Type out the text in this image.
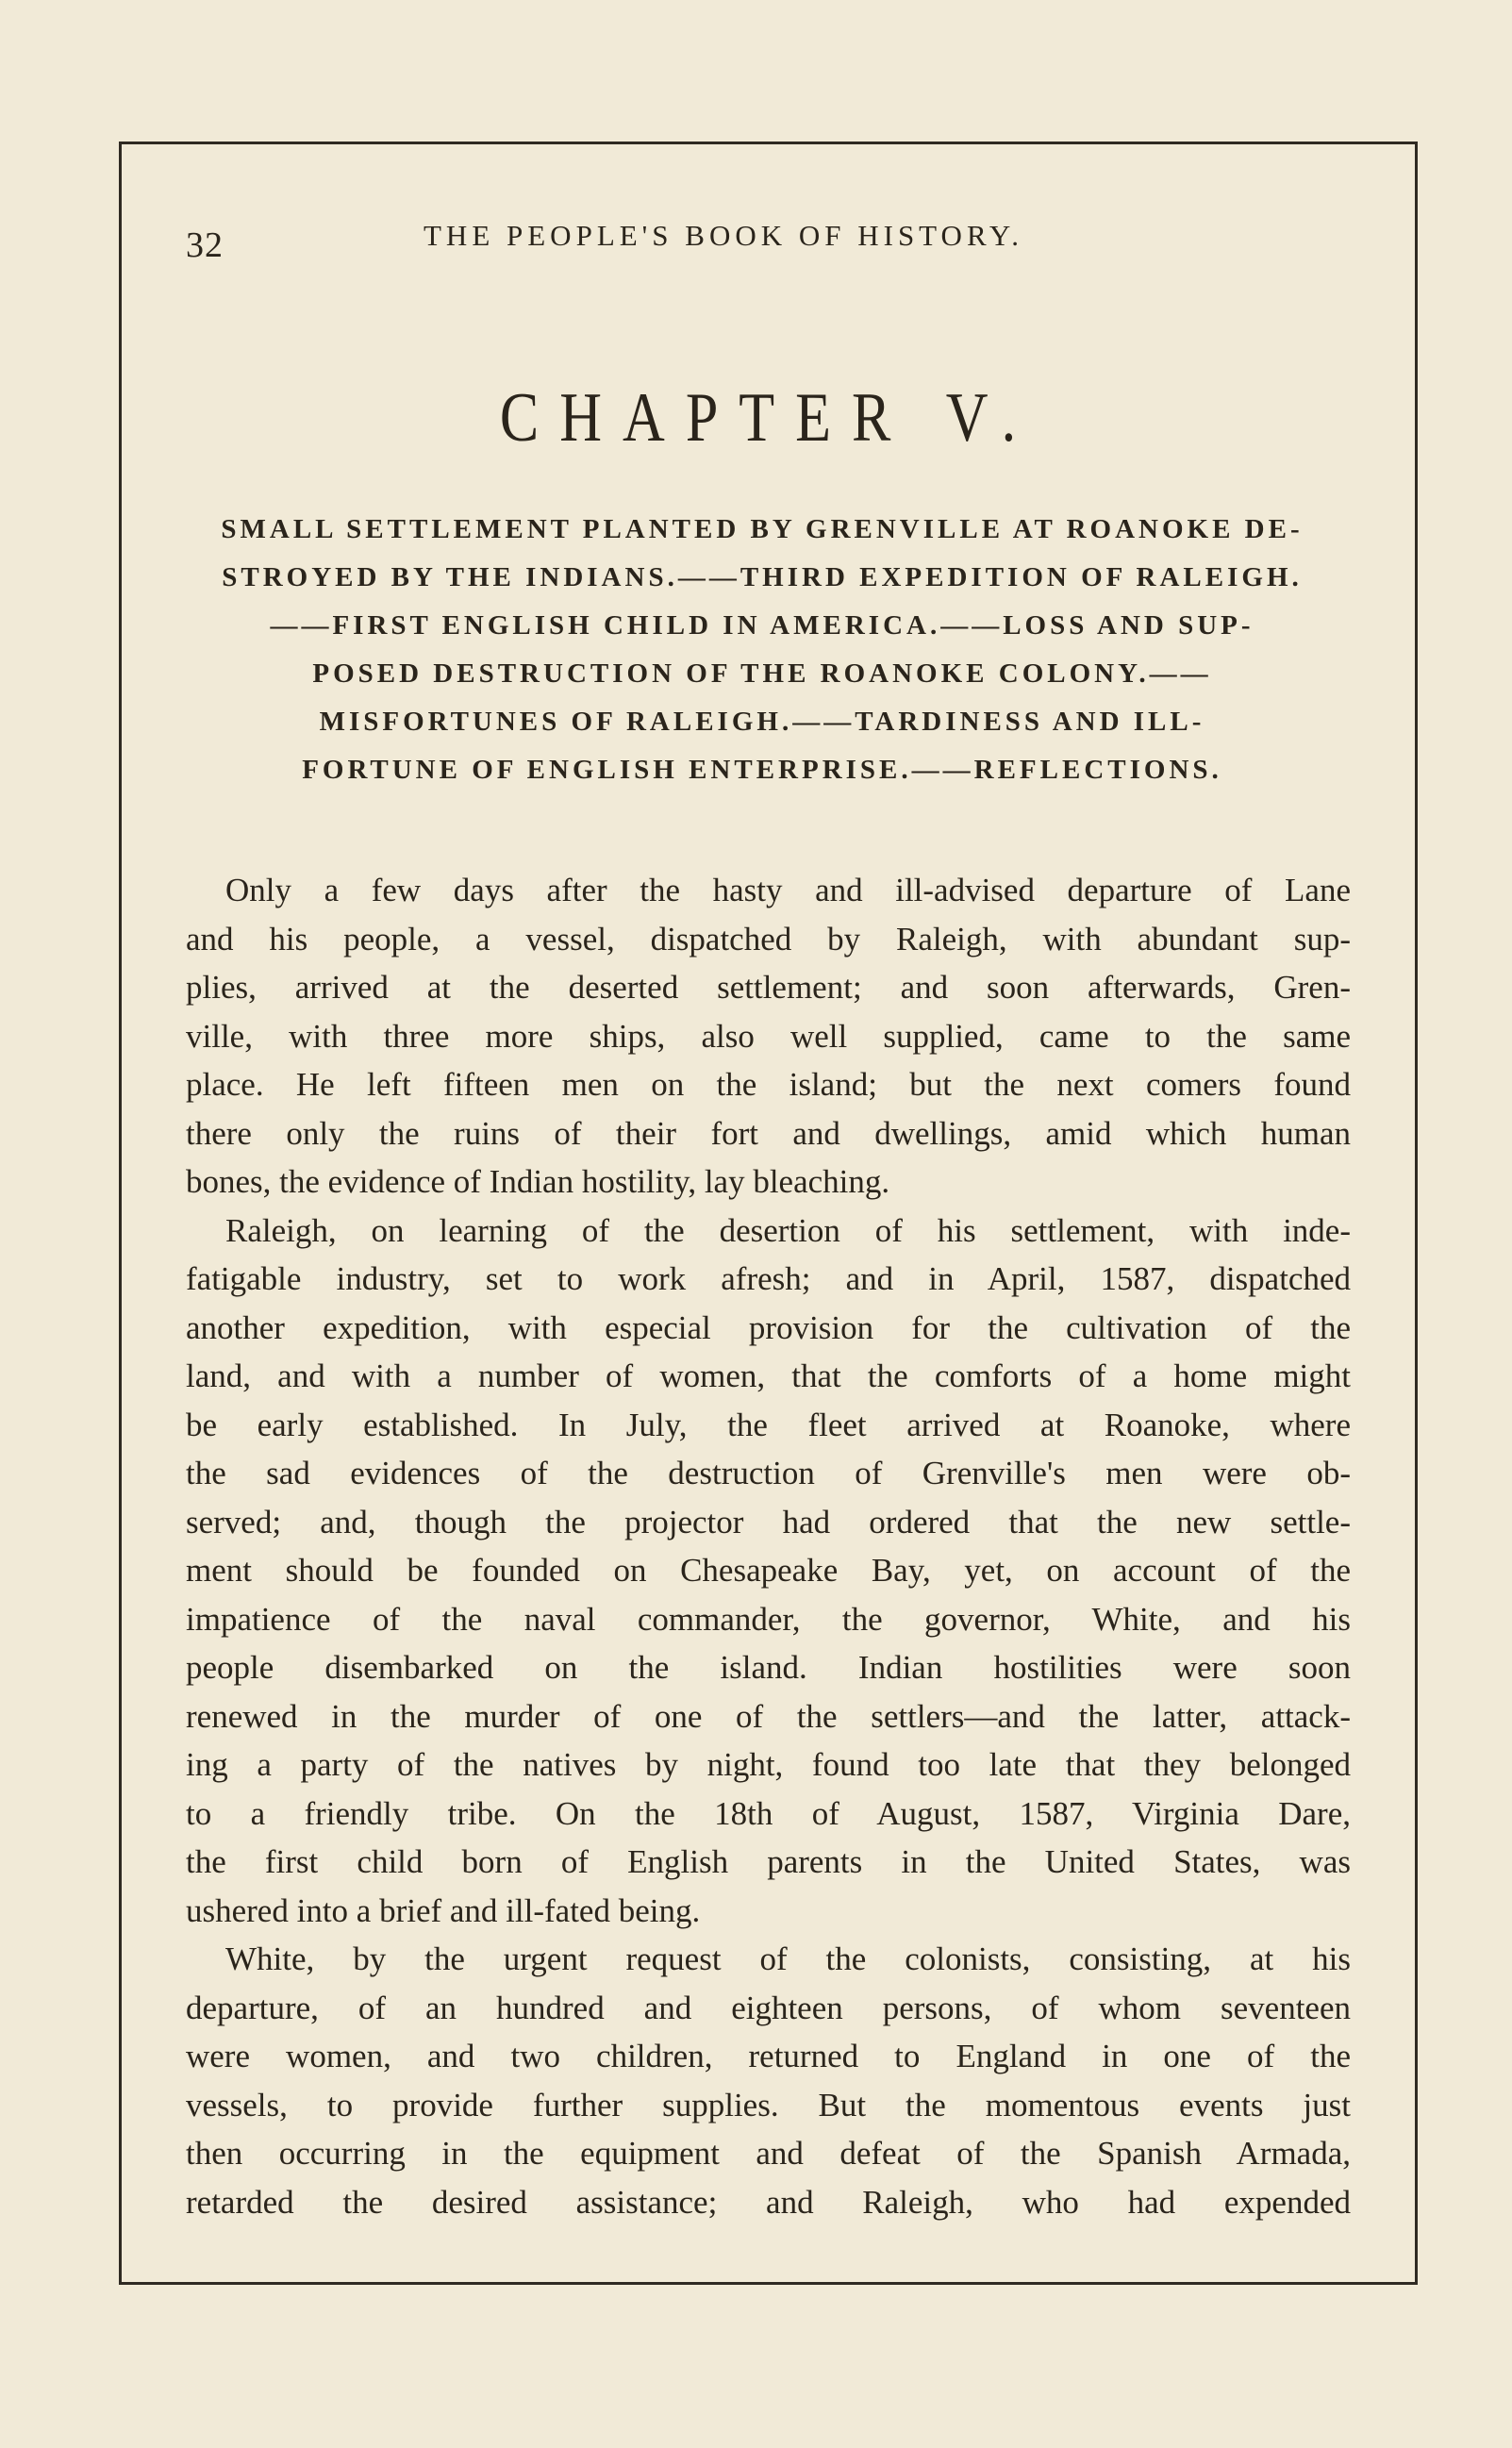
32	THE PEOPLE'S BOOK OF HISTORY.
CHAPTER V.
SMALL SETTLEMENT PLANTED BY GRENVILLE AT ROANOKE DE-
STROYED BY THE INDIANS.——THIRD EXPEDITION OF RALEIGH.
——FIRST ENGLISH CHILD IN AMERICA.——LOSS AND SUP-
POSED DESTRUCTION OF THE ROANOKE COLONY.——
MISFORTUNES OF RALEIGH.——TARDINESS AND ILL-
FORTUNE OF ENGLISH ENTERPRISE.——REFLECTIONS.
Only a few days after the hasty and ill-advised departure of Lane
and his people, a vessel, dispatched by Raleigh, with abundant sup-
plies, arrived at the deserted settlement; and soon afterwards, Gren-
ville, with three more ships, also well supplied, came to the same
place. He left fifteen men on the island; but the next comers found
there only the ruins of their fort and dwellings, amid which human
bones, the evidence of Indian hostility, lay bleaching.
Raleigh, on learning of the desertion of his settlement, with inde-
fatigable industry, set to work afresh; and in April, 1587, dispatched
another expedition, with especial provision for the cultivation of the
land, and with a number of women, that the comforts of a home might
be early established. In July, the fleet arrived at Roanoke, where
the sad evidences of the destruction of Grenville's men were ob-
served; and, though the projector had ordered that the new settle-
ment should be founded on Chesapeake Bay, yet, on account of the
impatience of the naval commander, the governor, White, and his
people disembarked on the island. Indian hostilities were soon
renewed in the murder of one of the settlers—and the latter, attack-
ing a party of the natives by night, found too late that they belonged
to a friendly tribe. On the 18th of August, 1587, Virginia Dare,
the first child born of English parents in the United States, was
ushered into a brief and ill-fated being.
White, by the urgent request of the colonists, consisting, at his
departure, of an hundred and eighteen persons, of whom seventeen
were women, and two children, returned to England in one of the
vessels, to provide further supplies. But the momentous events just
then occurring in the equipment and defeat of the Spanish Armada,
retarded the desired assistance; and Raleigh, who had expended
